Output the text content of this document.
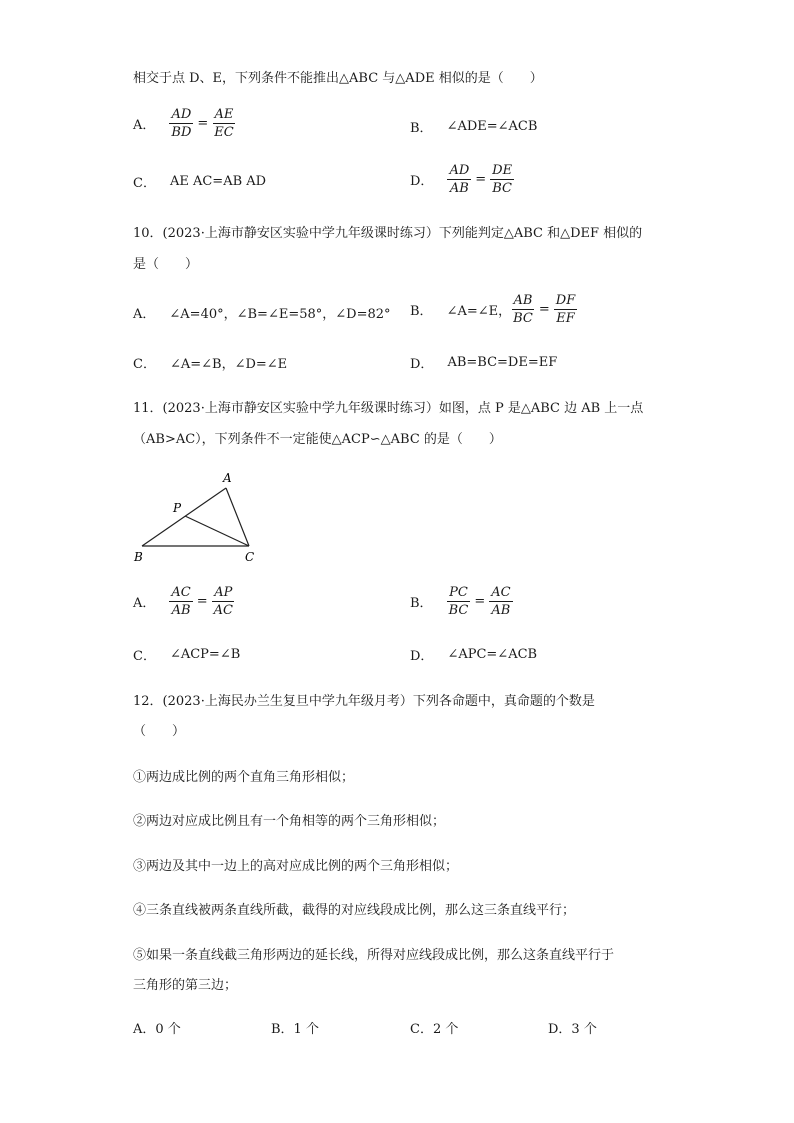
相交于点 D、E，下列条件不能推出△ABC 与△ADE 相似的是（　　）
A． $\frac{AD}{BD} = \frac{AE}{EC}$	B． ∠ADE=∠ACB
C． AE AC=AB AD	D． $\frac{AD}{AB} = \frac{DE}{BC}$
10．(2023·上海市静安区实验中学九年级课时练习）下列能判定△ABC 和△DEF 相似的
是（　　）
A． ∠A=40°，∠B=∠E=58°，∠D=82° B． ∠A=∠E， $\frac{AB}{BC} = \frac{DF}{EF}$
C． ∠A=∠B，∠D=∠E	D． AB=BC=DE=EF
11．(2023·上海市静安区实验中学九年级课时练习）如图，点 P 是△ABC 边 AB 上一点
（AB>AC），下列条件不一定能使△ACP∽△ABC 的是（　　）
A
P
B	C
A． $\frac{AC}{AB} = \frac{AP}{AC}$	B． $\frac{PC}{BC} = \frac{AC}{AB}$
C． ∠ACP=∠B	D． ∠APC=∠ACB
12．(2023·上海民办兰生复旦中学九年级月考）下列各命题中，真命题的个数是
（　　）
①两边成比例的两个直角三角形相似；
②两边对应成比例且有一个角相等的两个三角形相似；
③两边及其中一边上的高对应成比例的两个三角形相似；
④三条直线被两条直线所截，截得的对应线段成比例，那么这三条直线平行；
⑤如果一条直线截三角形两边的延长线，所得对应线段成比例，那么这条直线平行于
三角形的第三边；
A．0 个	B．1 个	C．2 个	D．3 个
